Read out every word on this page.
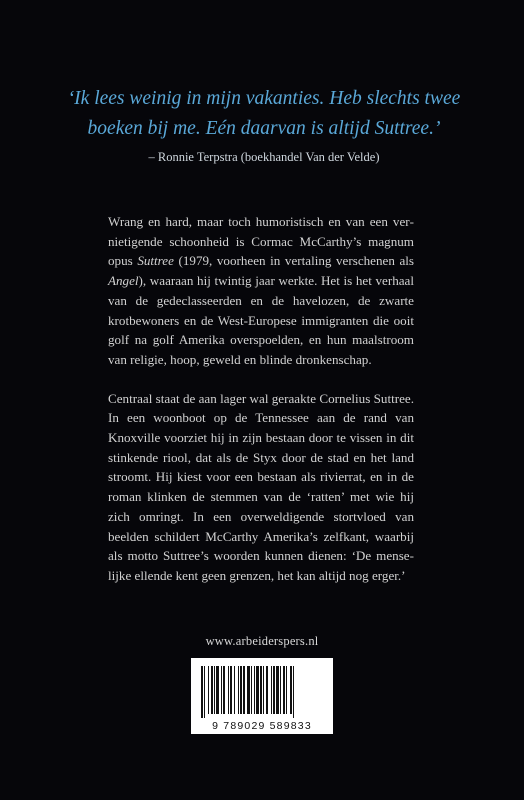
‘Ik lees weinig in mijn vakanties. Heb slechts twee
boeken bij me. Eén daarvan is altijd Suttree.’
– Ronnie Terpstra (boekhandel Van der Velde)

Wrang en hard, maar toch humoristisch en van een vernietigende schoonheid is Cormac McCarthy’s magnum opus Suttree (1979, voorheen in vertaling verschenen als Angel), waaraan hij twintig jaar werkte. Het is het verhaal van de gedeclasseerden en de havelozen, de zwarte krotbewoners en de West-Europese immigranten die ooit golf na golf Amerika overspoelden, en hun maalstroom van religie, hoop, geweld en blinde dronkenschap.

Centraal staat de aan lager wal geraakte Cornelius Suttree. In een woonboot op de Tennessee aan de rand van Knoxville voorziet hij in zijn bestaan door te vissen in dit stinkende riool, dat als de Styx door de stad en het land stroomt. Hij kiest voor een bestaan als rivierrat, en in de roman klinken de stemmen van de ‘ratten’ met wie hij zich omringt. In een overweldigende stortvloed van beelden schildert McCarthy Amerika’s zelfkant, waarbij als motto Suttree’s woorden kunnen dienen: ‘De menselijke ellende kent geen grenzen, het kan altijd nog erger.’

www.arbeiderspers.nl
9 789029 589833
